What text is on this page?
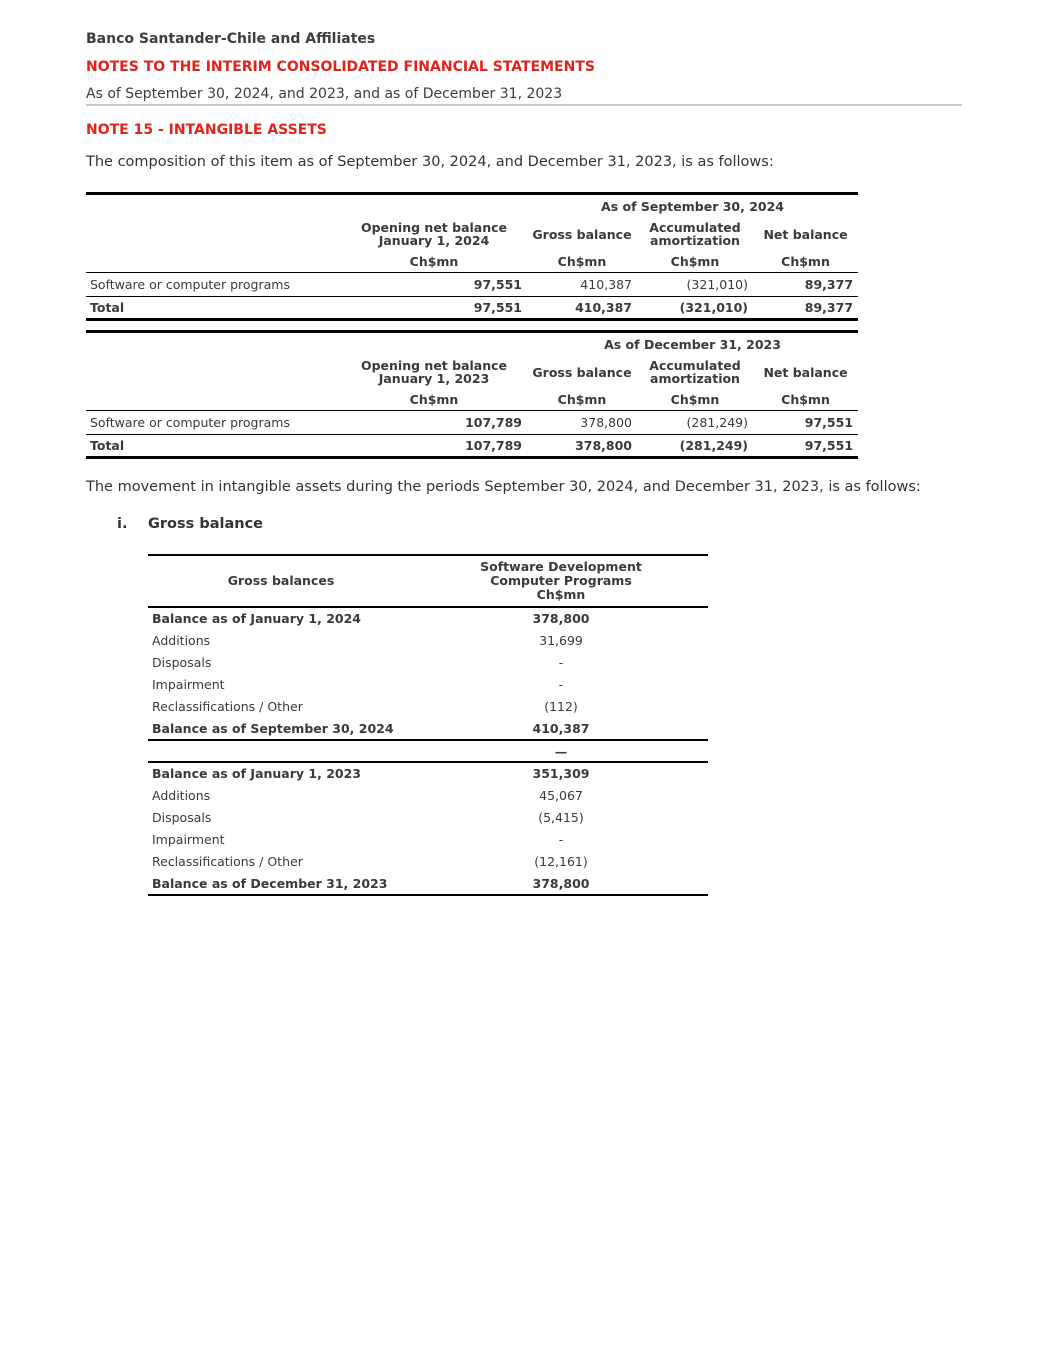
Banco Santander-Chile and Affiliates
NOTES TO THE INTERIM CONSOLIDATED FINANCIAL STATEMENTS
As of September 30, 2024, and 2023, and as of December 31, 2023
NOTE 15 - INTANGIBLE ASSETS
The composition of this item as of September 30, 2024, and December 31, 2023, is as follows:
		As of September 30, 2024		
	Opening net balance January 1, 2024	Gross balance	Accumulated amortization	Net balance
	Ch$mn	Ch$mn	Ch$mn	Ch$mn
Software or computer programs	97,551	410,387	(321,010)	89,377
Total	97,551	410,387	(321,010)	89,377
		As of December 31, 2023		
	Opening net balance January 1, 2023	Gross balance	Accumulated amortization	Net balance
	Ch$mn	Ch$mn	Ch$mn	Ch$mn
Software or computer programs	107,789	378,800	(281,249)	97,551
Total	107,789	378,800	(281,249)	97,551
The movement in intangible assets during the periods September 30, 2024, and December 31, 2023, is as follows:
i. Gross balance
Gross balances	Software Development
Computer Programs
Ch$mn

Balance as of January 1, 2024	378,800
Additions	31,699
Disposals	-
Impairment	-
Reclassifications / Other	(112)
Balance as of September 30, 2024	410,387
	—
Balance as of January 1, 2023	351,309
Additions	45,067
Disposals	(5,415)
Impairment	-
Reclassifications / Other	(12,161)
Balance as of December 31, 2023	378,800
